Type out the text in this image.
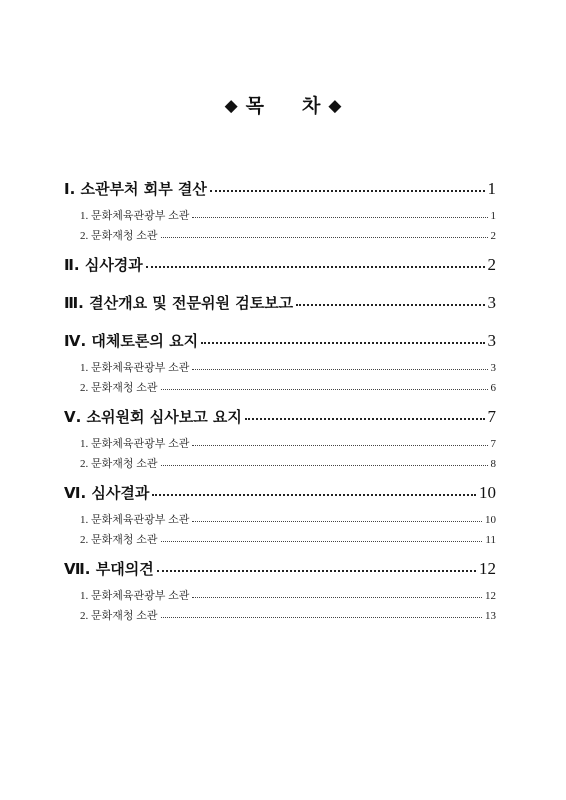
◆ 목 차 ◆
Ⅰ. 소관부처 회부 결산	1
1. 문화체육관광부 소관	1
2. 문화재청 소관	2
Ⅱ. 심사경과	2
Ⅲ. 결산개요 및 전문위원 검토보고	3
Ⅳ. 대체토론의 요지	3
1. 문화체육관광부 소관	3
2. 문화재청 소관	6
Ⅴ. 소위원회 심사보고 요지	7
1. 문화체육관광부 소관	7
2. 문화재청 소관	8
Ⅵ. 심사결과	10
1. 문화체육관광부 소관	10
2. 문화재청 소관	11
Ⅶ. 부대의견	12
1. 문화체육관광부 소관	12
2. 문화재청 소관	13
